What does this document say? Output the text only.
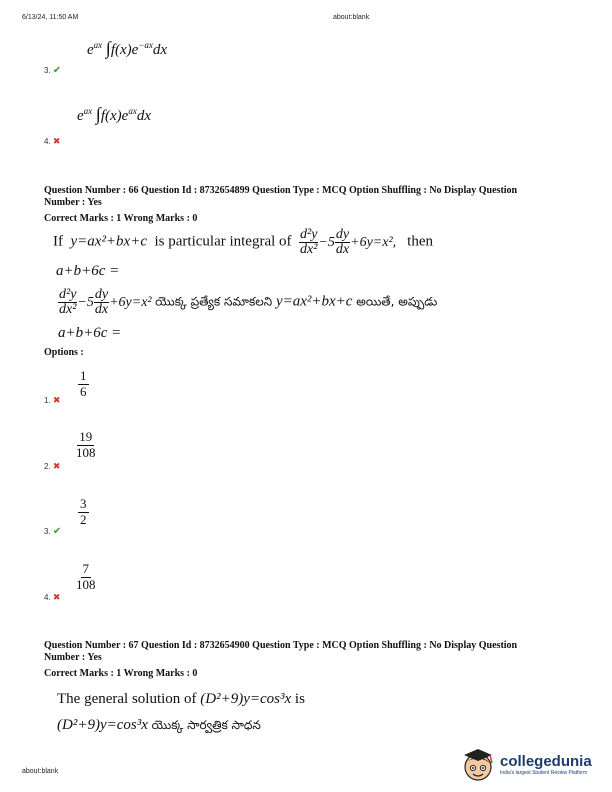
6/13/24, 11:50 AM	about:blank
$e^{ax}$ $\int f(x)e^{-ax}dx$
3. ✔
$e^{ax}$ $\int f(x)e^{ax}dx$
4. ✖
Question Number : 66 Question Id : 8732654899 Question Type : MCQ Option Shuffling : No Display Question
Number : Yes
Correct Marks : 1 Wrong Marks : 0
If y=ax²+bx+c is particular integral of $\frac{\text{d²y}}{\text{dx²}} -5 \frac{dy}{dx} +6y=x^2$,   then
a+b+6c =
$\frac{\text{d²y}}{\text{dx²}} -5 \frac{dy}{dx} +6y=x^2$ యొక్క ప్రత్యేక సమాకలని y=ax²+bx+c అయితే, అప్పుడు
a+b+6c =
Options :
1
6
1. ✖
19
108
2. ✖
3
2
3. ✔
7
108
4. ✖
Question Number : 67 Question Id : 8732654900 Question Type : MCQ Option Shuffling : No Display Question
Number : Yes
Correct Marks : 1 Wrong Marks : 0
The general solution of (D²+9)y=cos³x is
(D²+9)y=cos³x యొక్క సార్వత్రిక సాధన
about:blank
collegedunia
India's largest Student Review Platform
